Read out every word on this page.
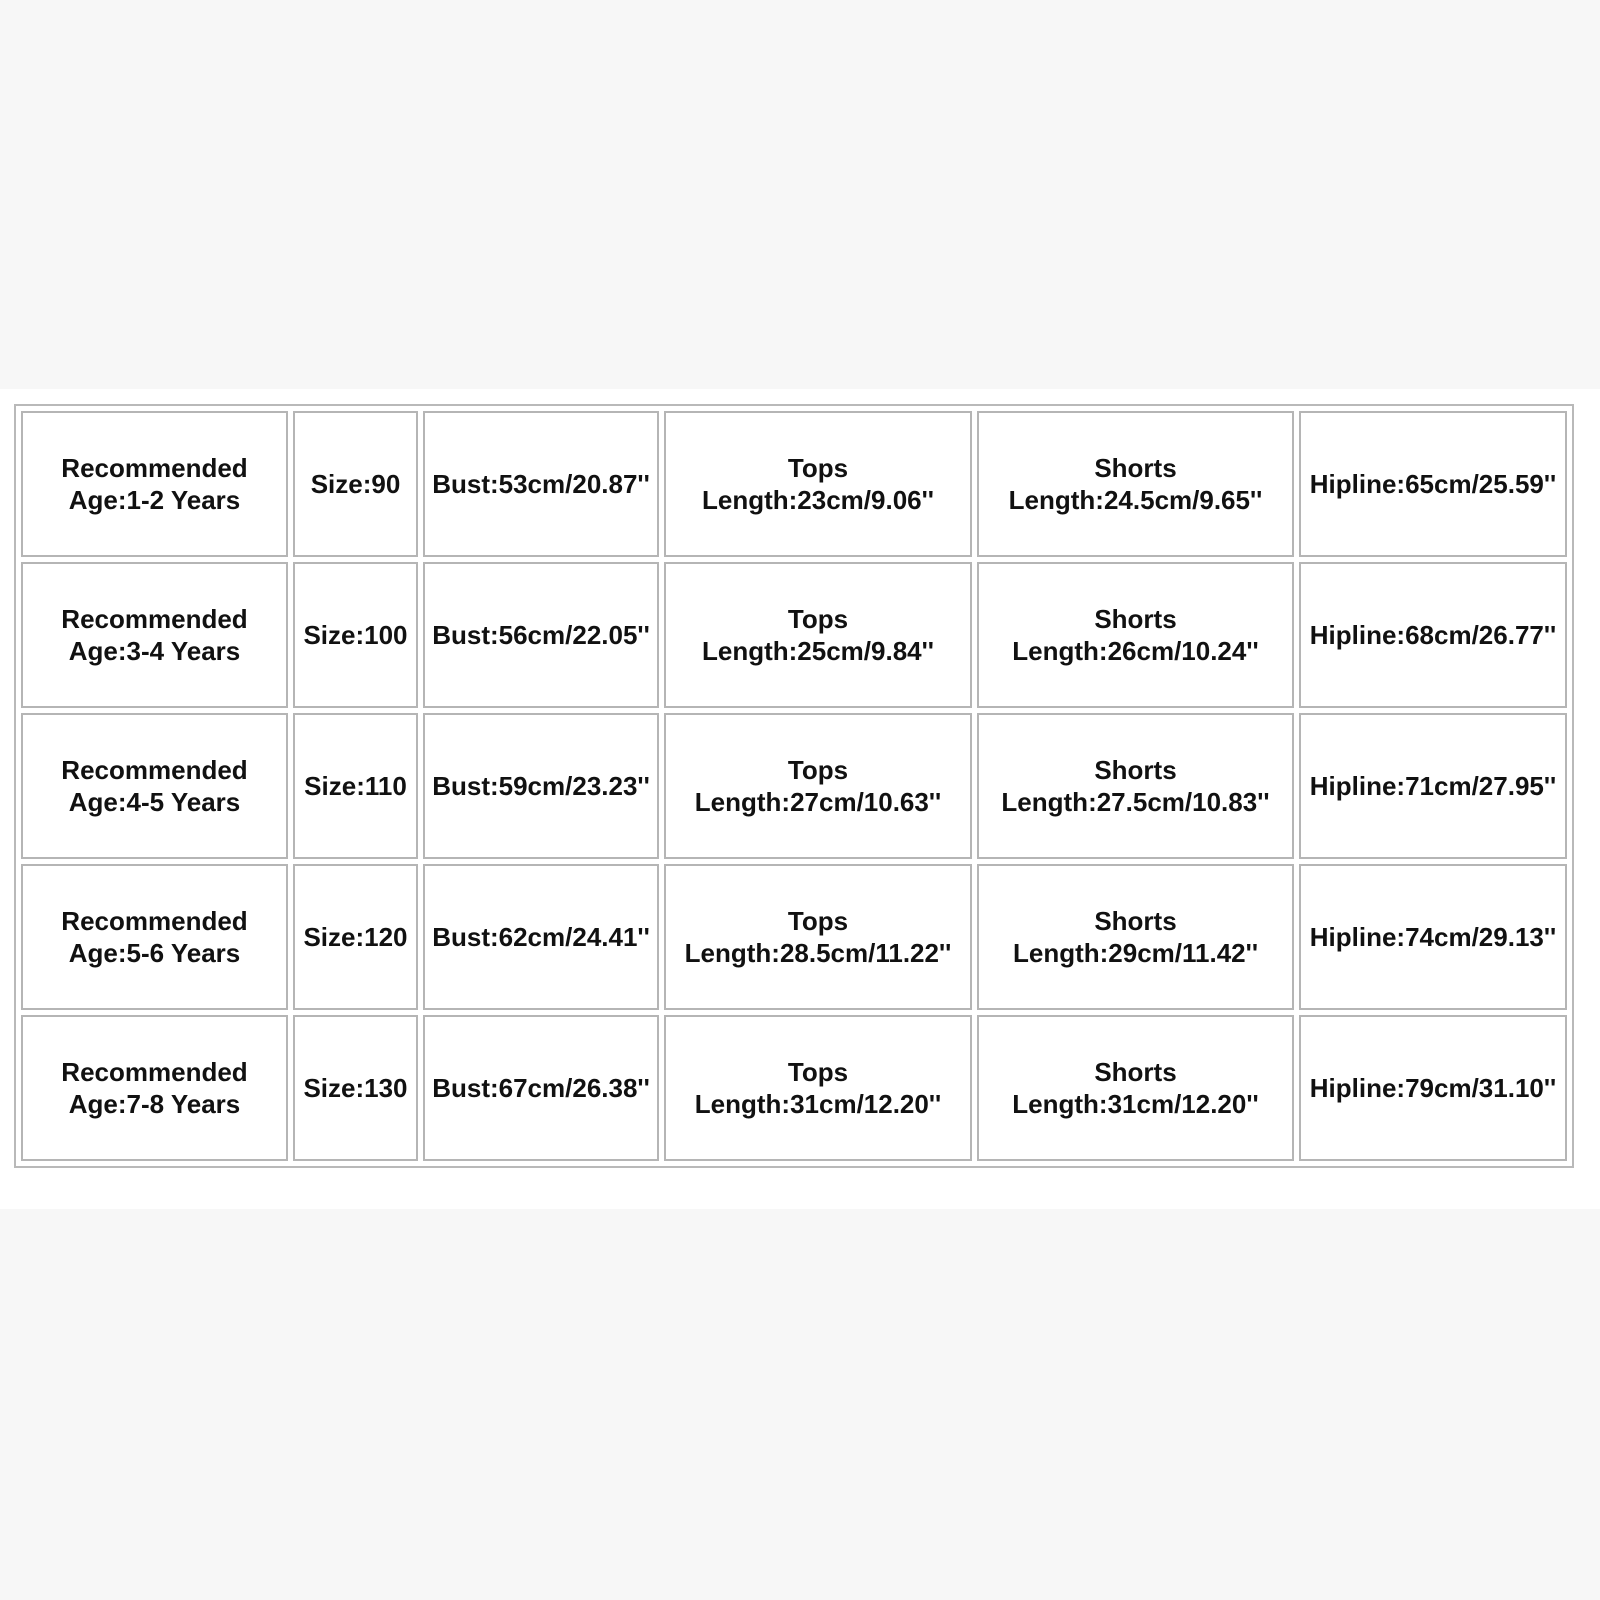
Recommended
Age:1-2 Years	Size:90	Bust:53cm/20.87''	Tops
Length:23cm/9.06''	Shorts
Length:24.5cm/9.65''	Hipline:65cm/25.59''

Recommended
Age:3-4 Years	Size:100	Bust:56cm/22.05''	Tops
Length:25cm/9.84''	Shorts
Length:26cm/10.24''	Hipline:68cm/26.77''

Recommended
Age:4-5 Years	Size:110	Bust:59cm/23.23''	Tops
Length:27cm/10.63''	Shorts
Length:27.5cm/10.83''	Hipline:71cm/27.95''

Recommended
Age:5-6 Years	Size:120	Bust:62cm/24.41''	Tops
Length:28.5cm/11.22''	Shorts
Length:29cm/11.42''	Hipline:74cm/29.13''

Recommended
Age:7-8 Years	Size:130	Bust:67cm/26.38''	Tops
Length:31cm/12.20''	Shorts
Length:31cm/12.20''	Hipline:79cm/31.10''
